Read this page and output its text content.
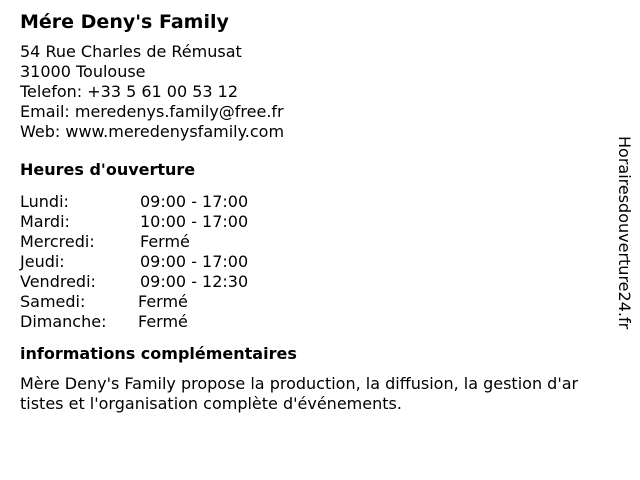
Mére Deny's Family
54 Rue Charles de Rémusat
31000 Toulouse
Telefon: +33 5 61 00 53 12
Email: meredenys.family@free.fr
Web: www.meredenysfamily.com
Heures d'ouverture
Lundi:	09:00 - 17:00
Mardi:	10:00 - 17:00
Mercredi:	Fermé
Jeudi:	09:00 - 17:00
Vendredi:	09:00 - 12:30
Samedi:	Fermé
Dimanche: Fermé
informations complémentaires
Mère Deny's Family propose la production, la diffusion, la gestion d'artistes et l'organisation complète d'événements.
Horairesdouverture24.fr
